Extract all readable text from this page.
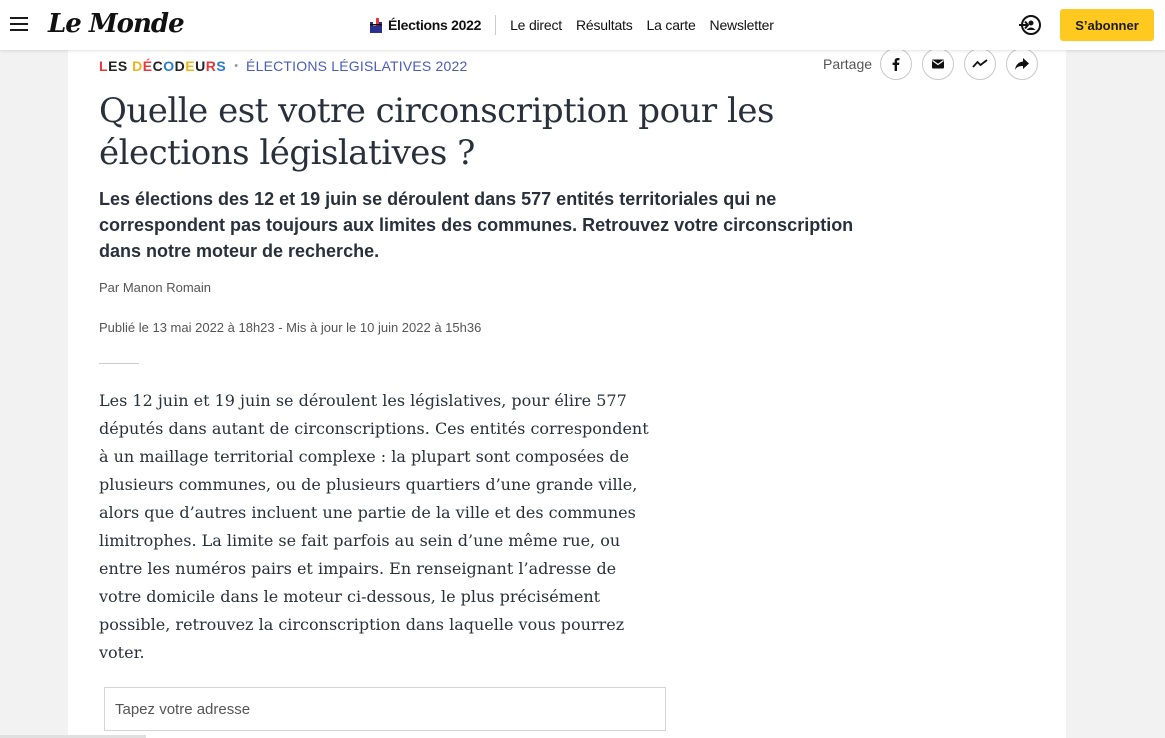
Le Monde	Élections 2022 Le direct Résultats La carte Newsletter	S’abonner
LES DÉCODEURS • ÉLECTIONS LÉGISLATIVES 2022	Partage
Quelle est votre circonscription pour les élections législatives ?

Les élections des 12 et 19 juin se déroulent dans 577 entités territoriales qui ne correspondent pas toujours aux limites des communes. Retrouvez votre circonscription dans notre moteur de recherche.

Par Manon Romain
Publié le 13 mai 2022 à 18h23 - Mis à jour le 10 juin 2022 à 15h36

Les 12 juin et 19 juin se déroulent les législatives, pour élire 577 députés dans autant de circonscriptions. Ces entités correspondent à un maillage territorial complexe : la plupart sont composées de plusieurs communes, ou de plusieurs quartiers d’une grande ville, alors que d’autres incluent une partie de la ville et des communes limitrophes. La limite se fait parfois au sein d’une même rue, ou entre les numéros pairs et impairs. En renseignant l’adresse de votre domicile dans le moteur ci-dessous, le plus précisément possible, retrouvez la circonscription dans laquelle vous pourrez voter.

Tapez votre adresse
